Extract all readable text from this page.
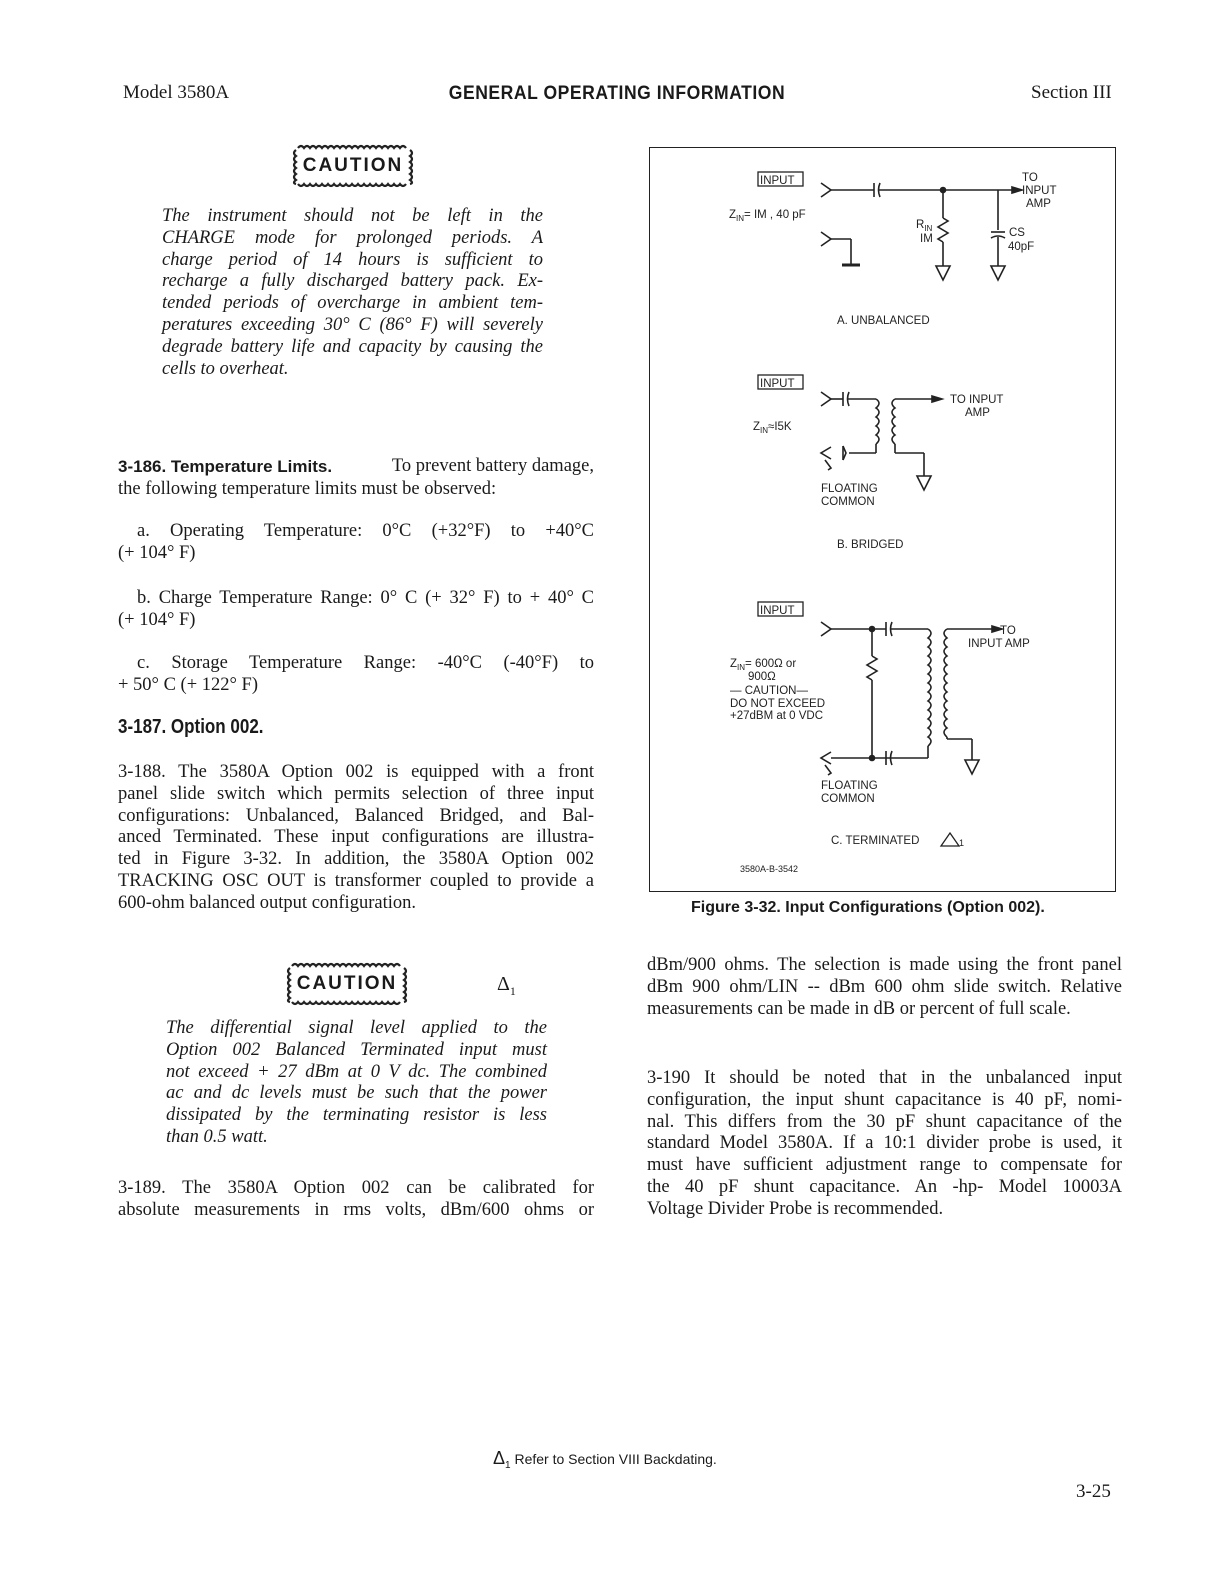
Model 3580A	GENERAL OPERATING INFORMATION	Section III
CAUTION
The instrument should not be left in the
CHARGE mode for prolonged periods. A
charge period of 14 hours is sufficient to
recharge a fully discharged battery pack. Ex-
tended periods of overcharge in ambient tem-
peratures exceeding 30° C (86° F) will severely
degrade battery life and capacity by causing the
cells to overheat.
3-186. Temperature Limits.	To prevent battery damage,
the following temperature limits must be observed:
a. Operating Temperature: 0°C (+32°F) to +40°C
(+ 104° F)
b. Charge Temperature Range: 0° C (+ 32° F) to + 40° C
(+ 104° F)
c. Storage Temperature Range: -40°C (-40°F) to
+ 50° C (+ 122° F)
3-187. Option 002.
3-188. The 3580A Option 002 is equipped with a front
panel slide switch which permits selection of three input
configurations: Unbalanced, Balanced Bridged, and Bal-
anced Terminated. These input configurations are illustra-
ted in Figure 3-32. In addition, the 3580A Option 002
TRACKING OSC OUT is transformer coupled to provide a
600-ohm balanced output configuration.
CAUTION	$\Delta_1$
The differential signal level applied to the
Option 002 Balanced Terminated input must
not exceed + 27 dBm at 0 V dc. The combined
ac and dc levels must be such that the power
dissipated by the terminating resistor is less
than 0.5 watt.
3-189. The 3580A Option 002 can be calibrated for
absolute measurements in rms volts, dBm/600 ohms or
dBm/900 ohms. The selection is made using the front panel
dBm 900 ohm/LIN -- dBm 600 ohm slide switch. Relative
measurements can be made in dB or percent of full scale.
3-190 It should be noted that in the unbalanced input
configuration, the input shunt capacitance is 40 pF, nomi-
nal. This differs from the 30 pF shunt capacitance of the
standard Model 3580A. If a 10:1 divider probe is used, it
must have sufficient adjustment range to compensate for
the 40 pF shunt capacitance. An -hp- Model 10003A
Voltage Divider Probe is recommended.
INPUT
$Z_{IN}=$ IM , 40 pF
$R_{IN}$
IM	CS
40pF
TO
INPUT
AMP
A. UNBALANCED
INPUT
$Z_{IN}\approx I5K$
TO INPUT
AMP
FLOATING
COMMON
B. BRIDGED
INPUT
$Z_{IN}= 600\Omega$ or
900Ω
— CAUTION—
DO NOT EXCEED
+27dBM at 0 VDC
TO
INPUT AMP
FLOATING
COMMON
C. TERMINATED	1
3580A-B-3542
Figure 3-32. Input Configurations (Option 002).
$\Delta_1$ Refer to Section VIII Backdating.
3-25
